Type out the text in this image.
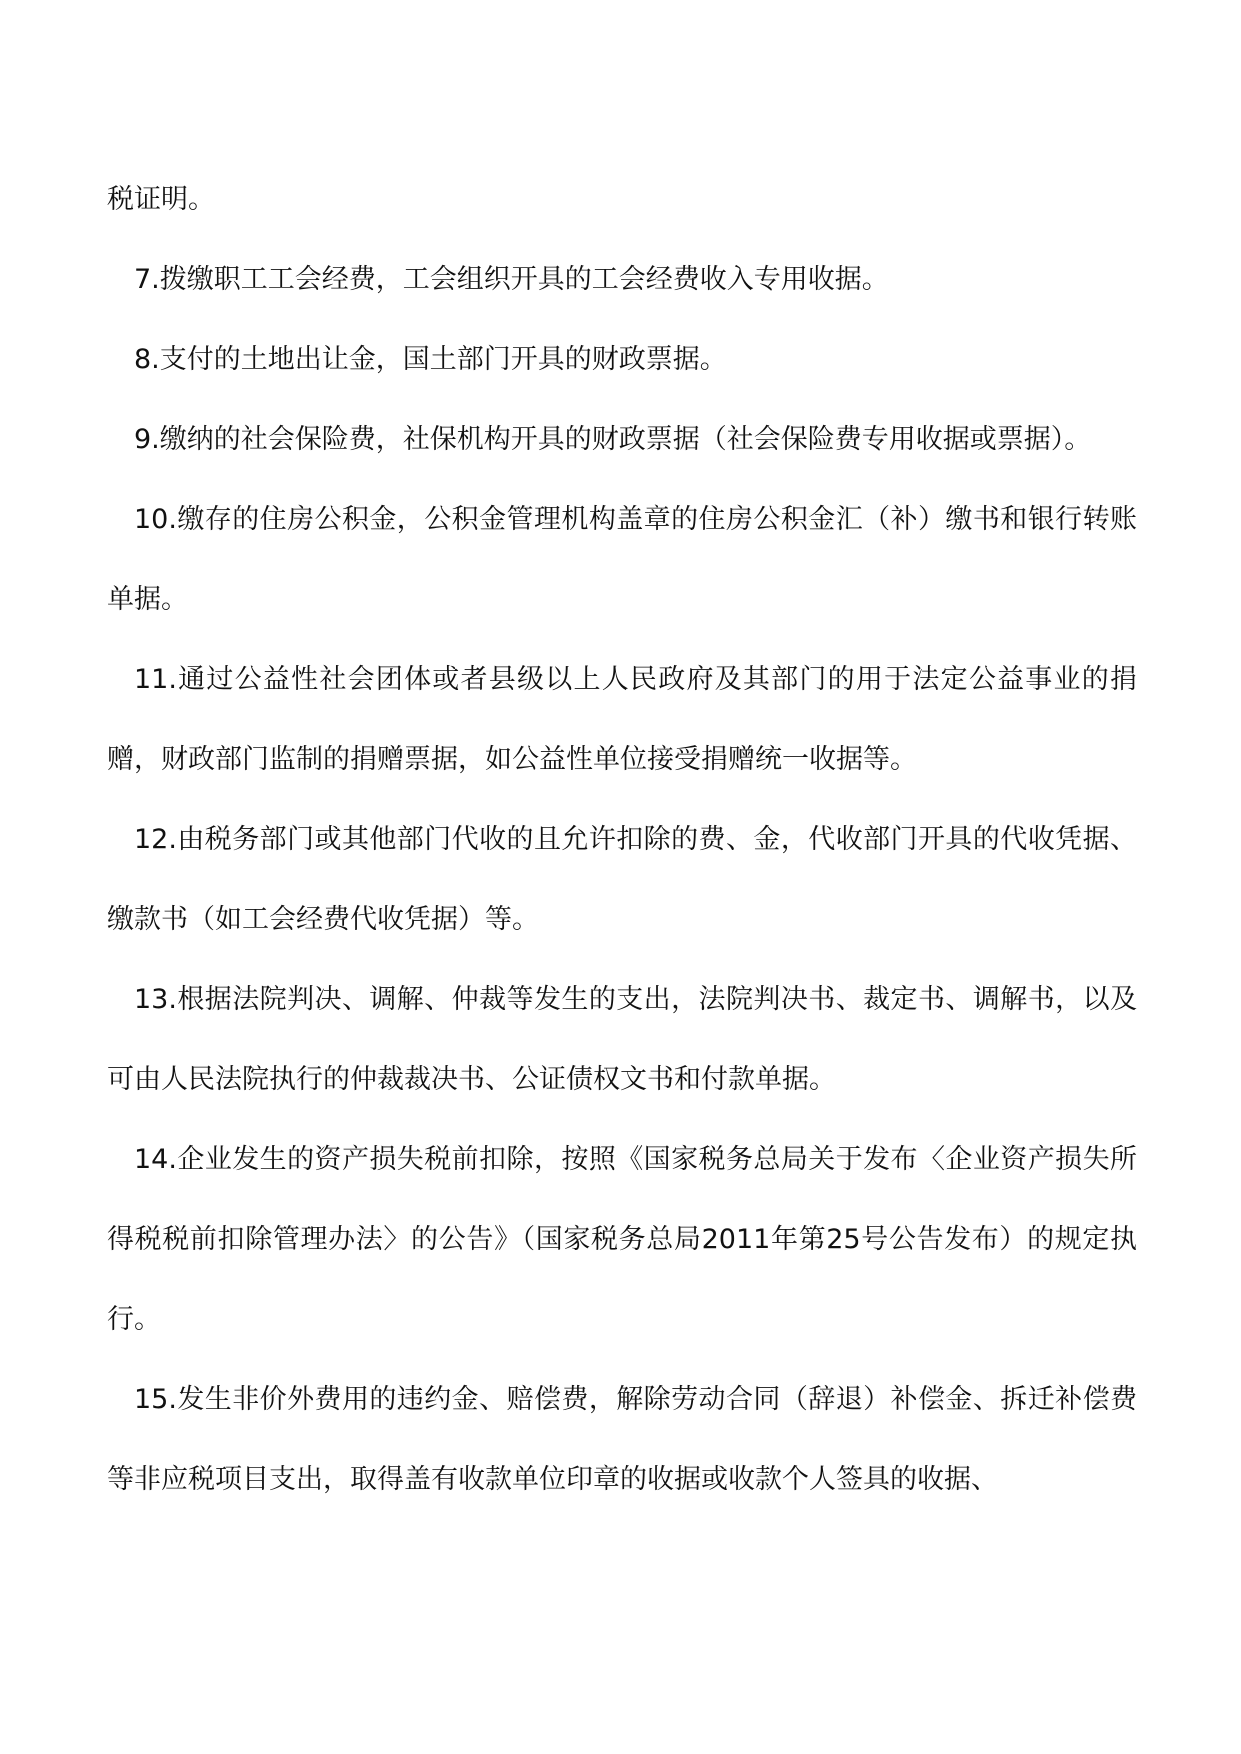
税证明。

7.拨缴职工工会经费，工会组织开具的工会经费收入专用收据。

8.支付的土地出让金，国土部门开具的财政票据。

9.缴纳的社会保险费，社保机构开具的财政票据（社会保险费专用收据或票据）。

10.缴存的住房公积金，公积金管理机构盖章的住房公积金汇（补）缴书和银行转账单据。

11.通过公益性社会团体或者县级以上人民政府及其部门的用于法定公益事业的捐赠，财政部门监制的捐赠票据，如公益性单位接受捐赠统一收据等。

12.由税务部门或其他部门代收的且允许扣除的费、金，代收部门开具的代收凭据、缴款书（如工会经费代收凭据）等。

13.根据法院判决、调解、仲裁等发生的支出，法院判决书、裁定书、调解书，以及可由人民法院执行的仲裁裁决书、公证债权文书和付款单据。

14.企业发生的资产损失税前扣除，按照《国家税务总局关于发布〈企业资产损失所得税税前扣除管理办法〉的公告》（国家税务总局2011年第25号公告发布）的规定执行。

15.发生非价外费用的违约金、赔偿费，解除劳动合同（辞退）补偿金、拆迁补偿费等非应税项目支出，取得盖有收款单位印章的收据或收款个人签具的收据、
